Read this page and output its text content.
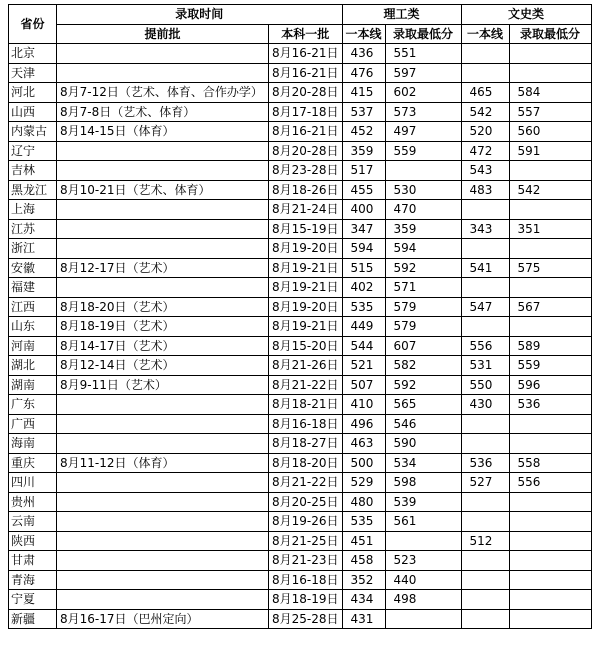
省份	录取时间		理工类		文史类	
	提前批	本科一批	一本线	录取最低分	一本线	录取最低分
北京		8月16-21日	436	551		
天津		8月16-21日	476	597		
河北	8月7-12日（艺术、体育、合作办学）	8月20-28日	415	602	465	584
山西	8月7-8日（艺术、体育）	8月17-18日	537	573	542	557
内蒙古	8月14-15日（体育）	8月16-21日	452	497	520	560
辽宁		8月20-28日	359	559	472	591
吉林		8月23-28日	517		543	
黑龙江	8月10-21日（艺术、体育）	8月18-26日	455	530	483	542
上海		8月21-24日	400	470		
江苏		8月15-19日	347	359	343	351
浙江		8月19-20日	594	594		
安徽	8月12-17日（艺术）	8月19-21日	515	592	541	575
福建		8月19-21日	402	571		
江西	8月18-20日（艺术）	8月19-20日	535	579	547	567
山东	8月18-19日（艺术）	8月19-21日	449	579		
河南	8月14-17日（艺术）	8月15-20日	544	607	556	589
湖北	8月12-14日（艺术）	8月21-26日	521	582	531	559
湖南	8月9-11日（艺术）	8月21-22日	507	592	550	596
广东		8月18-21日	410	565	430	536
广西		8月16-18日	496	546		
海南		8月18-27日	463	590		
重庆	8月11-12日（体育）	8月18-20日	500	534	536	558
四川		8月21-22日	529	598	527	556
贵州		8月20-25日	480	539		
云南		8月19-26日	535	561		
陕西		8月21-25日	451		512	
甘肃		8月21-23日	458	523		
青海		8月16-18日	352	440		
宁夏		8月18-19日	434	498		
新疆	8月16-17日（巴州定向）	8月25-28日	431			
